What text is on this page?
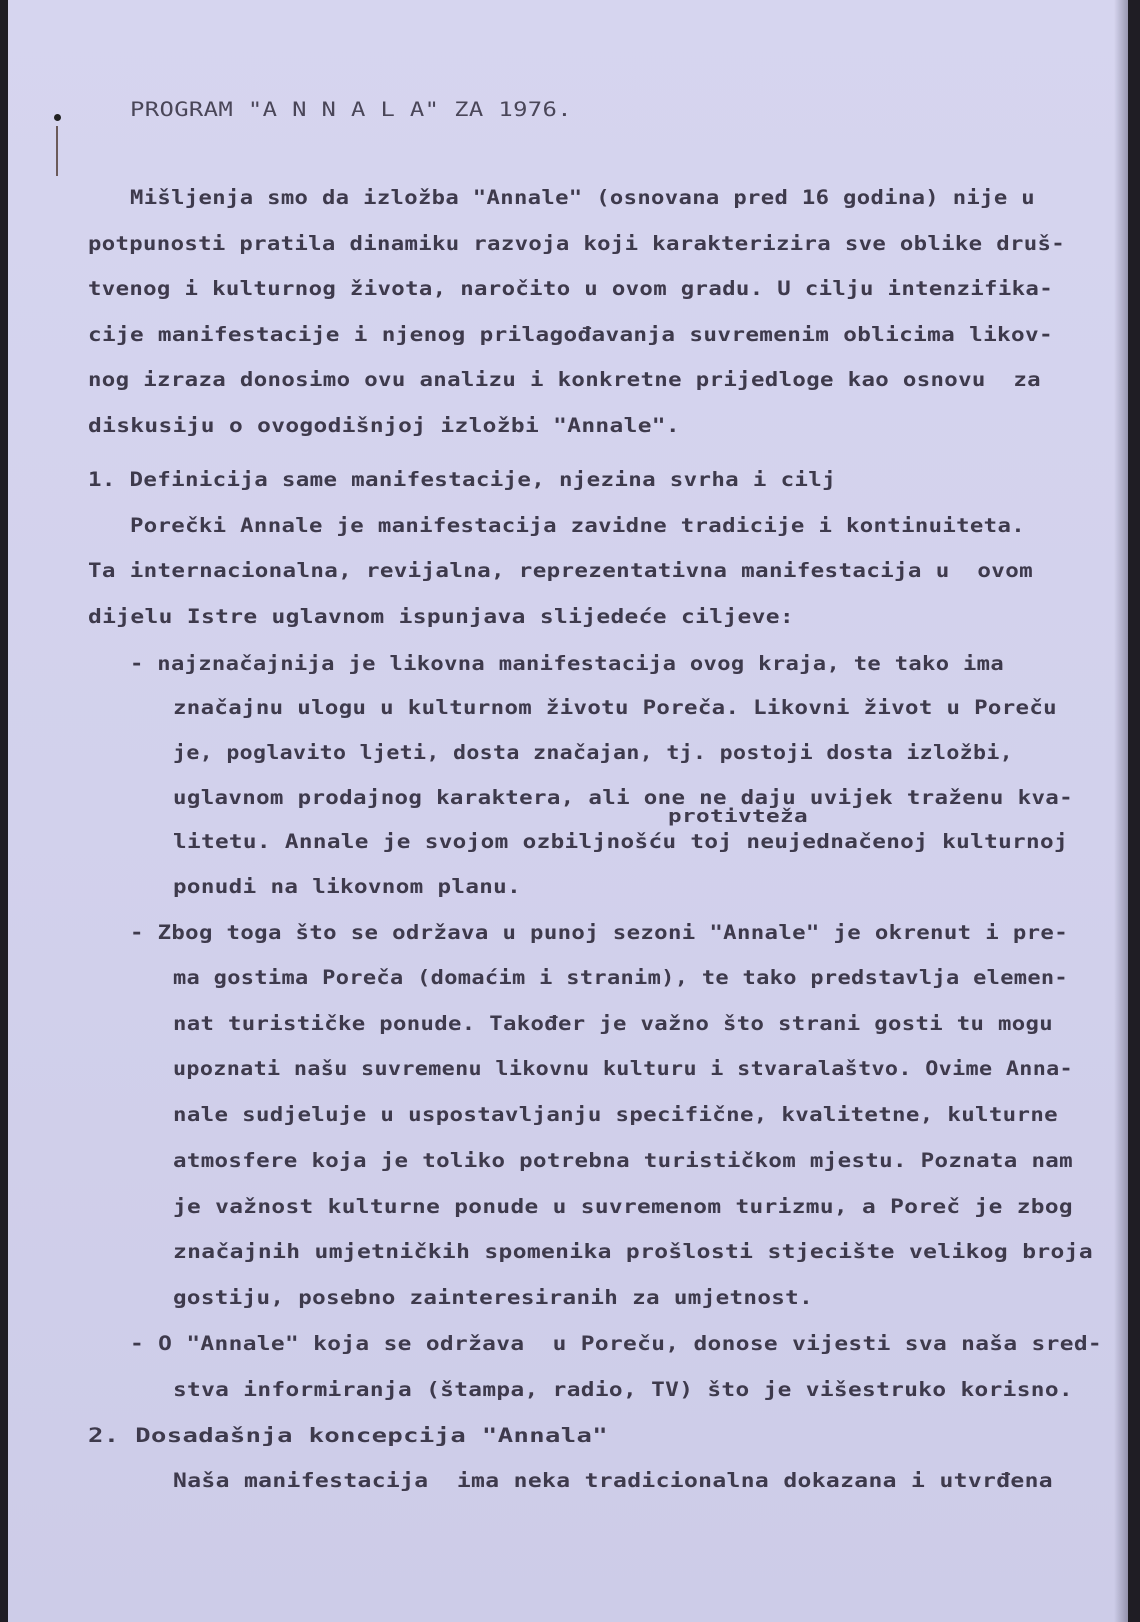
PROGRAM "A N N A L A" ZA 1976.
Mišljenja smo da izložba "Annale" (osnovana pred 16 godina) nije u
potpunosti pratila dinamiku razvoja koji karakterizira sve oblike druš-
tvenog i kulturnog života, naročito u ovom gradu. U cilju intenzifika-
cije manifestacije i njenog prilagođavanja suvremenim oblicima likov-
nog izraza donosimo ovu analizu i konkretne prijedloge kao osnovu  za
diskusiju o ovogodišnjoj izložbi "Annale".
1. Definicija same manifestacije, njezina svrha i cilj
Porečki Annale je manifestacija zavidne tradicije i kontinuiteta.
Ta internacionalna, revijalna, reprezentativna manifestacija u  ovom
dijelu Istre uglavnom ispunjava slijedeće ciljeve:
- najznačajnija je likovna manifestacija ovog kraja, te tako ima
značajnu ulogu u kulturnom životu Poreča. Likovni život u Poreču
je, poglavito ljeti, dosta značajan, tj. postoji dosta izložbi,
uglavnom prodajnog karaktera, ali one ne daju uvijek traženu kva-
protivteža
litetu. Annale je svojom ozbiljnošću toj neujednačenoj kulturnoj
ponudi na likovnom planu.
- Zbog toga što se održava u punoj sezoni "Annale" je okrenut i pre-
ma gostima Poreča (domaćim i stranim), te tako predstavlja elemen-
nat turističke ponude. Također je važno što strani gosti tu mogu
upoznati našu suvremenu likovnu kulturu i stvaralaštvo. Ovime Anna-
nale sudjeluje u uspostavljanju specifične, kvalitetne, kulturne
atmosfere koja je toliko potrebna turističkom mjestu. Poznata nam
je važnost kulturne ponude u suvremenom turizmu, a Poreč je zbog
značajnih umjetničkih spomenika prošlosti stjecište velikog broja
gostiju, posebno zainteresiranih za umjetnost.
- O "Annale" koja se održava  u Poreču, donose vijesti sva naša sred-
stva informiranja (štampa, radio, TV) što je višestruko korisno.
2. Dosadašnja koncepcija "Annala"
Naša manifestacija  ima neka tradicionalna dokazana i utvrđena
